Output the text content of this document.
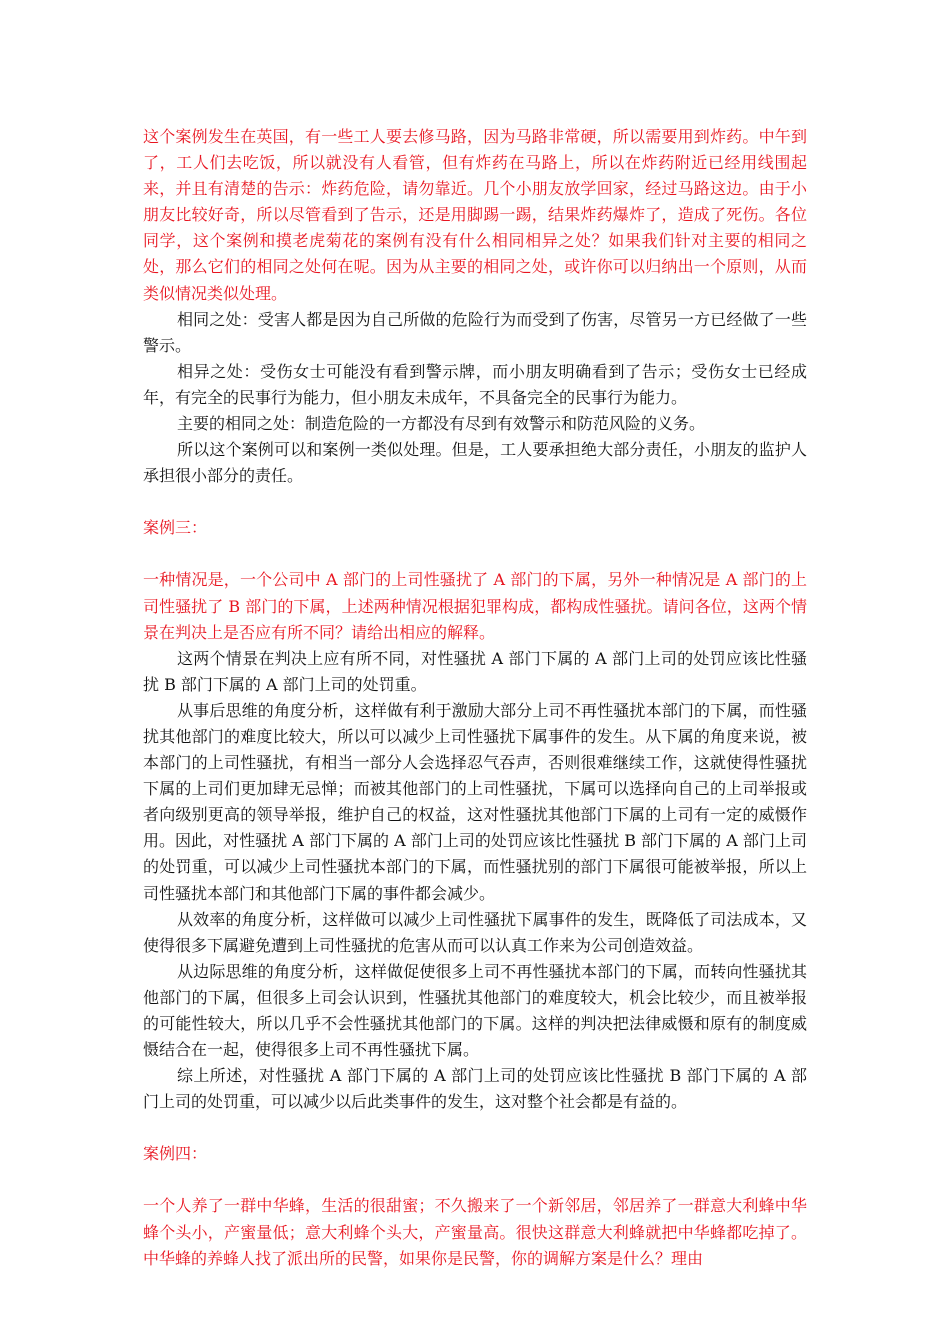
这个案例发生在英国，有一些工人要去修马路，因为马路非常硬，所以需要用到炸药。中午到了，工人们去吃饭，所以就没有人看管，但有炸药在马路上，所以在炸药附近已经用线围起来，并且有清楚的告示：炸药危险，请勿靠近。几个小朋友放学回家，经过马路这边。由于小朋友比较好奇，所以尽管看到了告示，还是用脚踢一踢，结果炸药爆炸了，造成了死伤。各位同学，这个案例和摸老虎菊花的案例有没有什么相同相异之处？如果我们针对主要的相同之处，那么它们的相同之处何在呢。因为从主要的相同之处，或许你可以归纳出一个原则，从而类似情况类似处理。

相同之处：受害人都是因为自己所做的危险行为而受到了伤害，尽管另一方已经做了一些警示。

相异之处：受伤女士可能没有看到警示牌，而小朋友明确看到了告示；受伤女士已经成年，有完全的民事行为能力，但小朋友未成年，不具备完全的民事行为能力。

主要的相同之处：制造危险的一方都没有尽到有效警示和防范风险的义务。

所以这个案例可以和案例一类似处理。但是，工人要承担绝大部分责任，小朋友的监护人承担很小部分的责任。

案例三：

一种情况是，一个公司中 A 部门的上司性骚扰了 A 部门的下属，另外一种情况是 A 部门的上司性骚扰了 B 部门的下属，上述两种情况根据犯罪构成，都构成性骚扰。请问各位，这两个情景在判决上是否应有所不同？请给出相应的解释。

这两个情景在判决上应有所不同，对性骚扰 A 部门下属的 A 部门上司的处罚应该比性骚扰 B 部门下属的 A 部门上司的处罚重。

从事后思维的角度分析，这样做有利于激励大部分上司不再性骚扰本部门的下属，而性骚扰其他部门的难度比较大，所以可以减少上司性骚扰下属事件的发生。从下属的角度来说，被本部门的上司性骚扰，有相当一部分人会选择忍气吞声，否则很难继续工作，这就使得性骚扰下属的上司们更加肆无忌惮；而被其他部门的上司性骚扰，下属可以选择向自己的上司举报或者向级别更高的领导举报，维护自己的权益，这对性骚扰其他部门下属的上司有一定的威慑作用。因此，对性骚扰 A 部门下属的 A 部门上司的处罚应该比性骚扰 B 部门下属的 A 部门上司的处罚重，可以减少上司性骚扰本部门的下属，而性骚扰别的部门下属很可能被举报，所以上司性骚扰本部门和其他部门下属的事件都会减少。

从效率的角度分析，这样做可以减少上司性骚扰下属事件的发生，既降低了司法成本，又使得很多下属避免遭到上司性骚扰的危害从而可以认真工作来为公司创造效益。

从边际思维的角度分析，这样做促使很多上司不再性骚扰本部门的下属，而转向性骚扰其他部门的下属，但很多上司会认识到，性骚扰其他部门的难度较大，机会比较少，而且被举报的可能性较大，所以几乎不会性骚扰其他部门的下属。这样的判决把法律威慑和原有的制度威慑结合在一起，使得很多上司不再性骚扰下属。

综上所述，对性骚扰 A 部门下属的 A 部门上司的处罚应该比性骚扰 B 部门下属的 A 部门上司的处罚重，可以减少以后此类事件的发生，这对整个社会都是有益的。

案例四：

一个人养了一群中华蜂，生活的很甜蜜；不久搬来了一个新邻居，邻居养了一群意大利蜂中华蜂个头小，产蜜量低；意大利蜂个头大，产蜜量高。很快这群意大利蜂就把中华蜂都吃掉了。中华蜂的养蜂人找了派出所的民警，如果你是民警，你的调解方案是什么？理由
